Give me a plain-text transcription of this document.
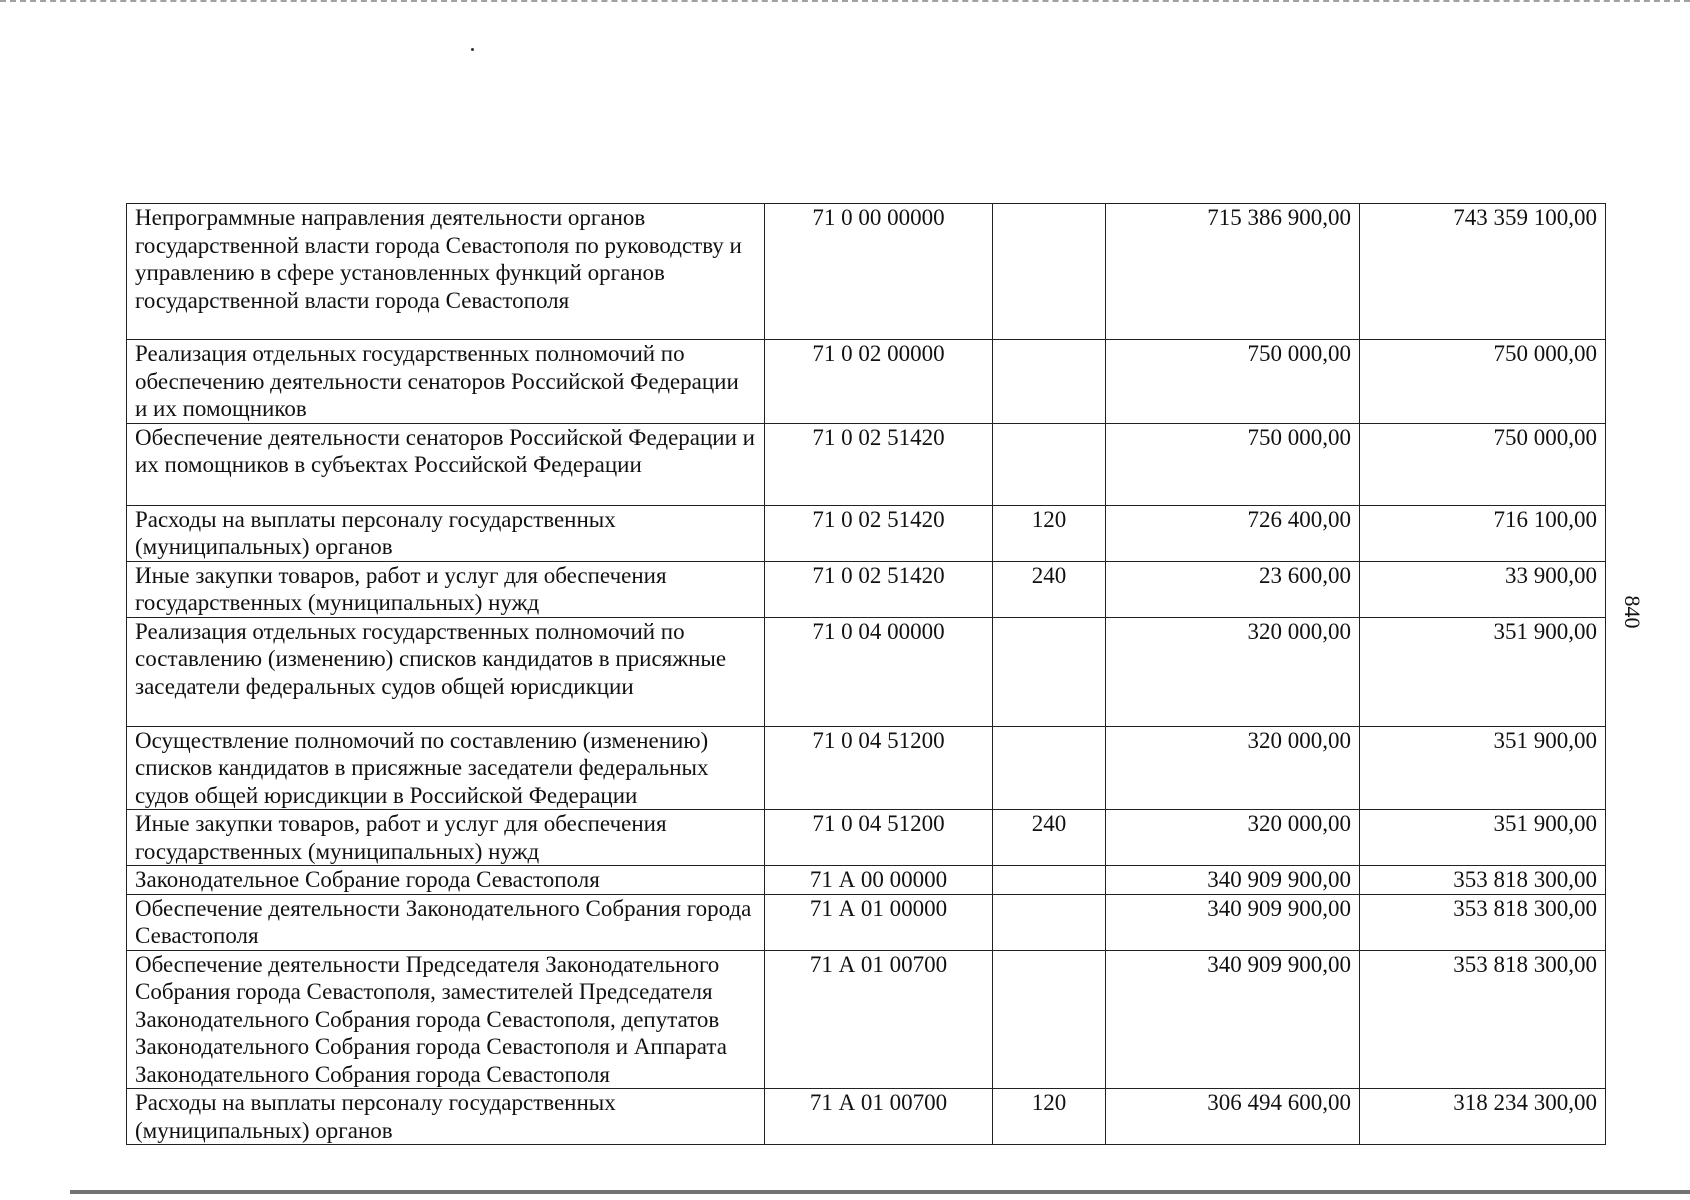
Непрограммные направления деятельности органов государственной власти города Севастополя по руководству и управлению в сфере установленных функций органов государственной власти города Севастополя	71 0 00 00000		715 386 900,00	743 359 100,00
Реализация отдельных государственных полномочий по обеспечению деятельности сенаторов Российской Федерации и их помощников	71 0 02 00000		750 000,00	750 000,00
Обеспечение деятельности сенаторов Российской Федерации и их помощников в субъектах Российской Федерации	71 0 02 51420		750 000,00	750 000,00
Расходы на выплаты персоналу государственных (муниципальных) органов	71 0 02 51420	120	726 400,00	716 100,00
Иные закупки товаров, работ и услуг для обеспечения государственных (муниципальных) нужд	71 0 02 51420	240	23 600,00	33 900,00
Реализация отдельных государственных полномочий по составлению (изменению) списков кандидатов в присяжные заседатели федеральных судов общей юрисдикции	71 0 04 00000		320 000,00	351 900,00
Осуществление полномочий по составлению (изменению) списков кандидатов в присяжные заседатели федеральных судов общей юрисдикции в Российской Федерации	71 0 04 51200		320 000,00	351 900,00
Иные закупки товаров, работ и услуг для обеспечения государственных (муниципальных) нужд	71 0 04 51200	240	320 000,00	351 900,00
Законодательное Собрание города Севастополя	71 А 00 00000		340 909 900,00	353 818 300,00
Обеспечение деятельности Законодательного Собрания города Севастополя	71 А 01 00000		340 909 900,00	353 818 300,00
Обеспечение деятельности Председателя Законодательного Собрания города Севастополя, заместителей Председателя Законодательного Собрания города Севастополя, депутатов Законодательного Собрания города Севастополя и Аппарата Законодательного Собрания города Севастополя	71 А 01 00700		340 909 900,00	353 818 300,00
Расходы на выплаты персоналу государственных (муниципальных) органов	71 А 01 00700	120	306 494 600,00	318 234 300,00
840
